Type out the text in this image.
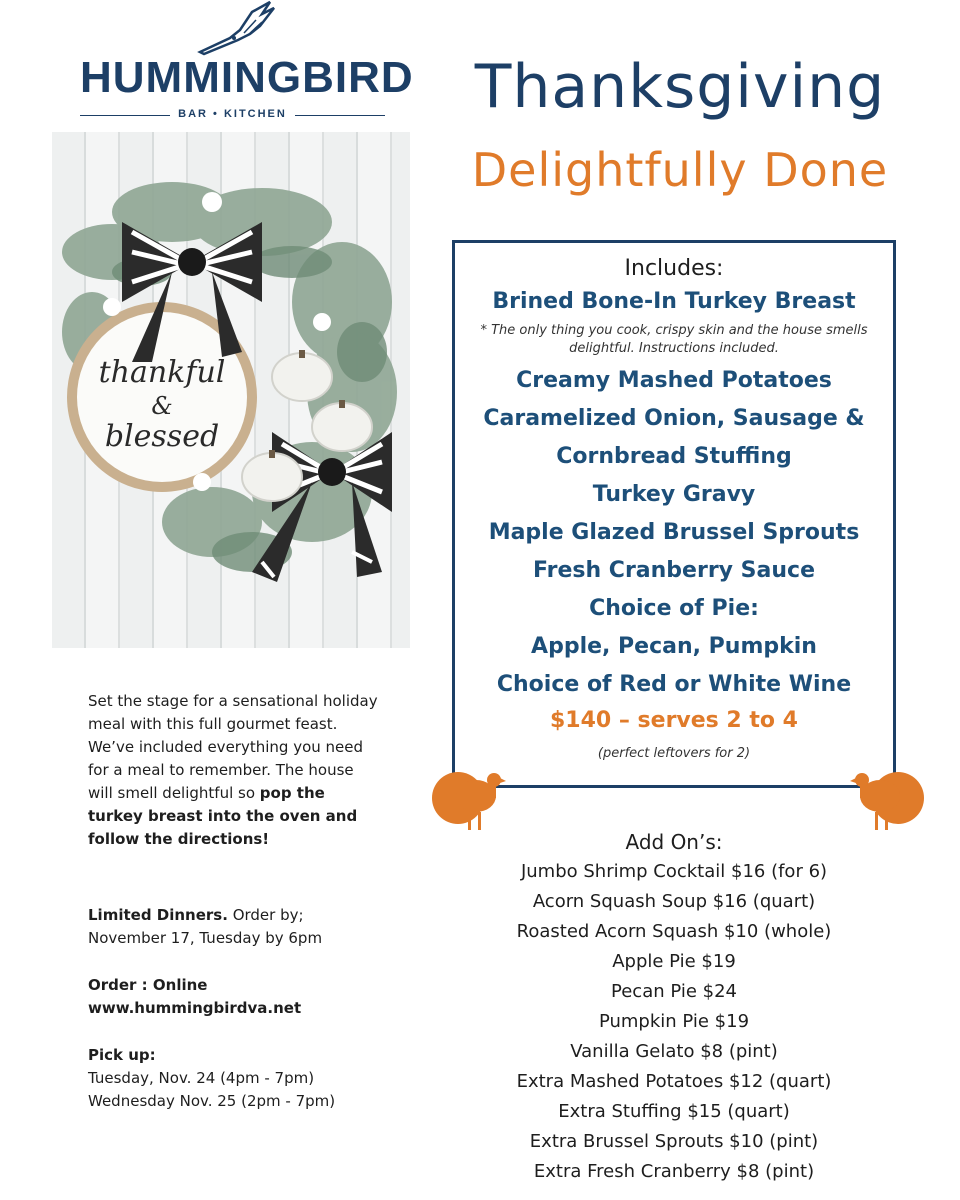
HUMMINGBIRD
BAR • KITCHEN	Thanksgiving
Delightfully Done
thankful
&
blessed
Includes:
Brined Bone-In Turkey Breast
* The only thing you cook, crispy skin and the house smells delightful. Instructions included.
Creamy Mashed Potatoes
Caramelized Onion, Sausage &
Cornbread Stuffing
Turkey Gravy
Maple Glazed Brussel Sprouts
Fresh Cranberry Sauce
Choice of Pie:
Apple, Pecan, Pumpkin
Choice of Red or White Wine
$140 – serves 2 to 4
(perfect leftovers for 2)
Add On’s:
Jumbo Shrimp Cocktail $16 (for 6)
Acorn Squash Soup $16 (quart)
Roasted Acorn Squash $10 (whole)
Apple Pie $19
Pecan Pie $24
Pumpkin Pie $19
Vanilla Gelato $8 (pint)
Extra Mashed Potatoes $12 (quart)
Extra Stuffing $15 (quart)
Extra Brussel Sprouts $10 (pint)
Extra Fresh Cranberry $8 (pint)
Set the stage for a sensational holiday meal with this full gourmet feast. We’ve included everything you need for a meal to remember. The house will smell delightful so pop the turkey breast into the oven and follow the directions!
Limited Dinners. Order by; November 17, Tuesday by 6pm
Order : Online
www.hummingbirdva.net
Pick up:
Tuesday, Nov. 24 (4pm - 7pm)
Wednesday Nov. 25 (2pm - 7pm)
